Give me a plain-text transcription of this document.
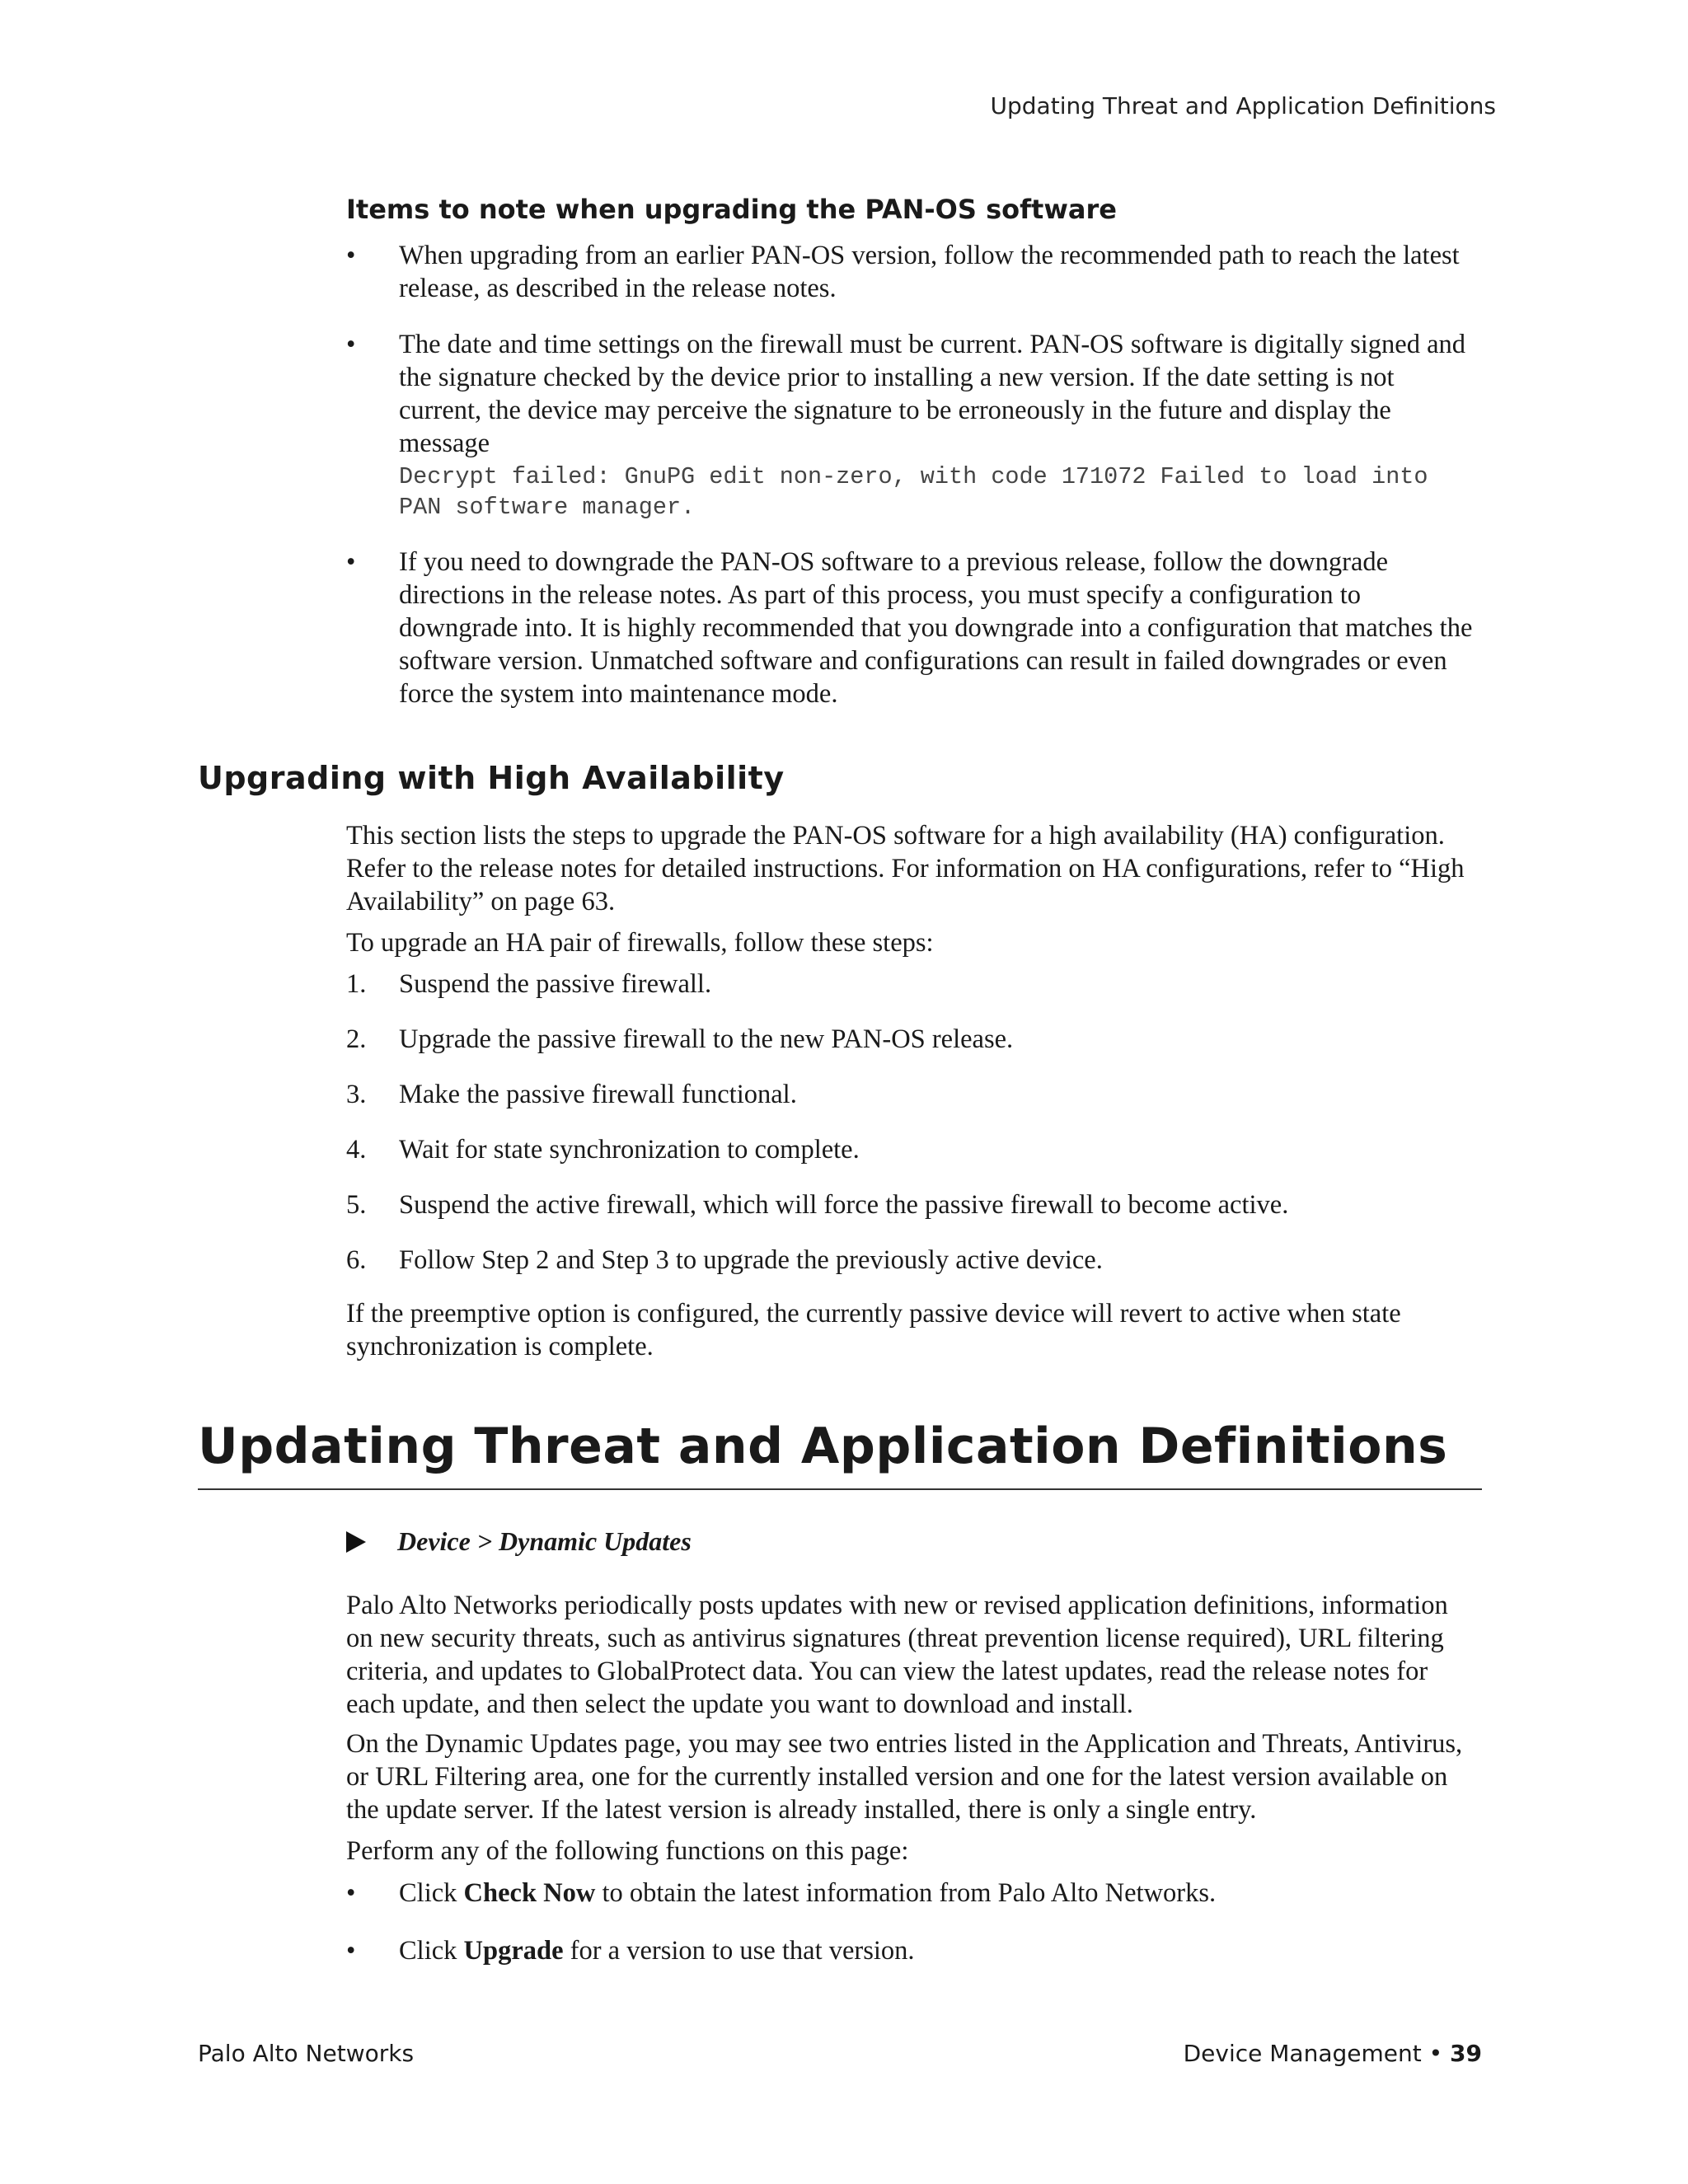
Updating Threat and Application Definitions
Items to note when upgrading the PAN-OS software
• When upgrading from an earlier PAN-OS version, follow the recommended path to reach the latest release, as described in the release notes.
• The date and time settings on the firewall must be current. PAN-OS software is digitally signed and the signature checked by the device prior to installing a new version. If the date setting is not current, the device may perceive the signature to be erroneously in the future and display the message
Decrypt failed: GnuPG edit non-zero, with code 171072 Failed to load into PAN software manager.
• If you need to downgrade the PAN-OS software to a previous release, follow the downgrade directions in the release notes. As part of this process, you must specify a configuration to downgrade into. It is highly recommended that you downgrade into a configuration that matches the software version. Unmatched software and configurations can result in failed downgrades or even force the system into maintenance mode.
Upgrading with High Availability
This section lists the steps to upgrade the PAN-OS software for a high availability (HA) configuration. Refer to the release notes for detailed instructions. For information on HA configurations, refer to “High Availability” on page 63.
To upgrade an HA pair of firewalls, follow these steps:
1. Suspend the passive firewall.
2. Upgrade the passive firewall to the new PAN-OS release.
3. Make the passive firewall functional.
4. Wait for state synchronization to complete.
5. Suspend the active firewall, which will force the passive firewall to become active.
6. Follow Step 2 and Step 3 to upgrade the previously active device.
If the preemptive option is configured, the currently passive device will revert to active when state synchronization is complete.
Updating Threat and Application Definitions
Device > Dynamic Updates
Palo Alto Networks periodically posts updates with new or revised application definitions, information on new security threats, such as antivirus signatures (threat prevention license required), URL filtering criteria, and updates to GlobalProtect data. You can view the latest updates, read the release notes for each update, and then select the update you want to download and install.
On the Dynamic Updates page, you may see two entries listed in the Application and Threats, Antivirus, or URL Filtering area, one for the currently installed version and one for the latest version available on the update server. If the latest version is already installed, there is only a single entry.
Perform any of the following functions on this page:
• Click Check Now to obtain the latest information from Palo Alto Networks.
• Click Upgrade for a version to use that version.
Palo Alto Networks	Device Management • 39
